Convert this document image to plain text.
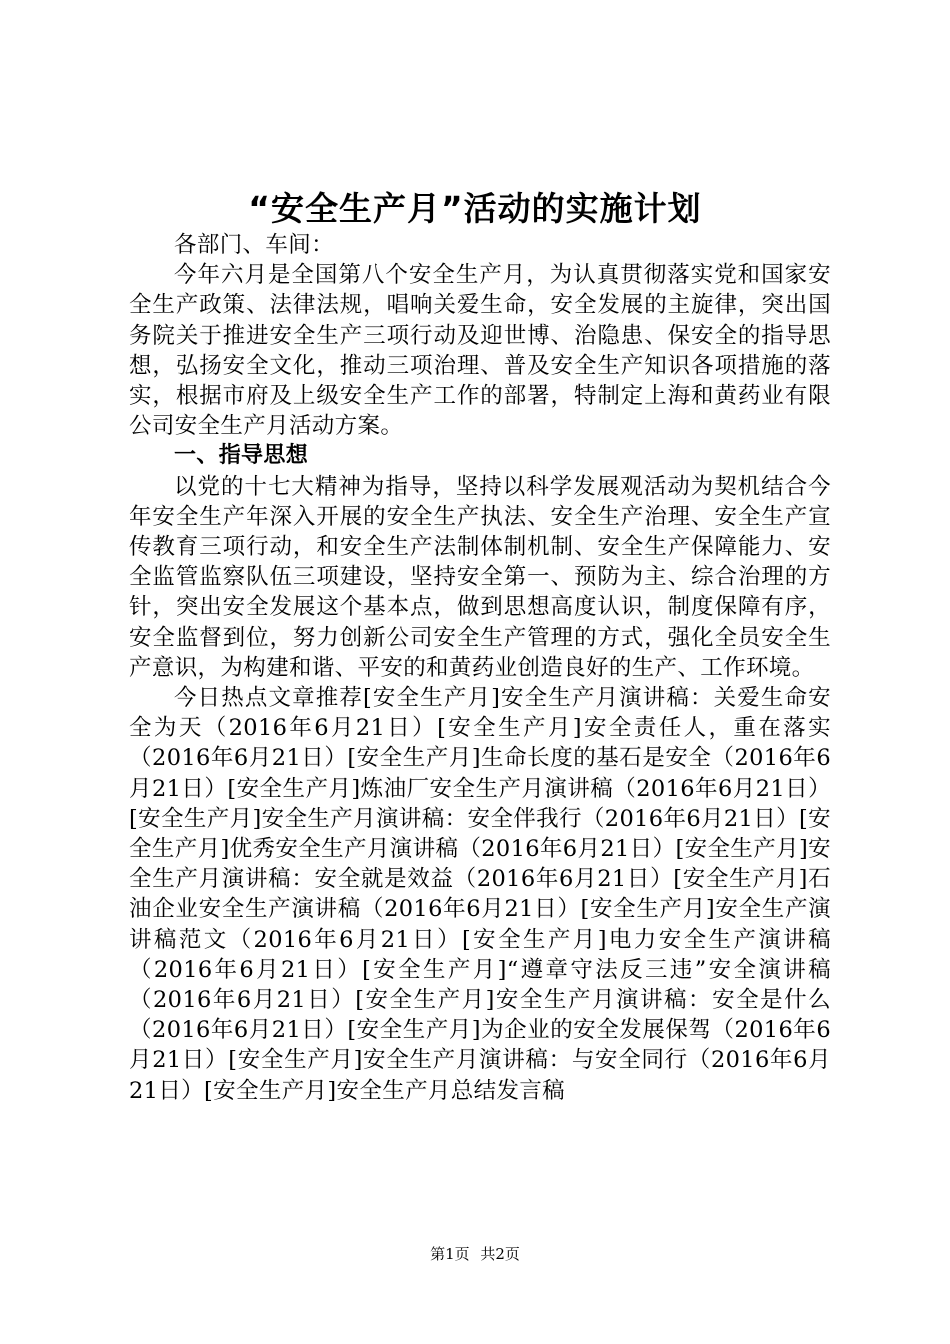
“安全生产月”活动的实施计划

各部门、车间：

今年六月是全国第八个安全生产月，为认真贯彻落实党和国家安全生产政策、法律法规，唱响关爱生命，安全发展的主旋律，突出国务院关于推进安全生产三项行动及迎世博、治隐患、保安全的指导思想，弘扬安全文化，推动三项治理、普及安全生产知识各项措施的落实，根据市府及上级安全生产工作的部署，特制定上海和黄药业有限公司安全生产月活动方案。

一、指导思想

以党的十七大精神为指导，坚持以科学发展观活动为契机结合今年安全生产年深入开展的安全生产执法、安全生产治理、安全生产宣传教育三项行动，和安全生产法制体制机制、安全生产保障能力、安全监管监察队伍三项建设，坚持安全第一、预防为主、综合治理的方针，突出安全发展这个基本点，做到思想高度认识，制度保障有序，安全监督到位，努力创新公司安全生产管理的方式，强化全员安全生产意识，为构建和谐、平安的和黄药业创造良好的生产、工作环境。

今日热点文章推荐[安全生产月]安全生产月演讲稿：关爱生命安全为天（2016年6月21日）[安全生产月]安全责任人，重在落实（2016年6月21日）[安全生产月]生命长度的基石是安全（2016年6月21日）[安全生产月]炼油厂安全生产月演讲稿（2016年6月21日）[安全生产月]安全生产月演讲稿：安全伴我行（2016年6月21日）[安全生产月]优秀安全生产月演讲稿（2016年6月21日）[安全生产月]安全生产月演讲稿：安全就是效益（2016年6月21日）[安全生产月]石油企业安全生产演讲稿（2016年6月21日）[安全生产月]安全生产演讲稿范文（2016年6月21日）[安全生产月]电力安全生产演讲稿（2016年6月21日）[安全生产月]“遵章守法反三违”安全演讲稿（2016年6月21日）[安全生产月]安全生产月演讲稿：安全是什么（2016年6月21日）[安全生产月]为企业的安全发展保驾（2016年6月21日）[安全生产月]安全生产月演讲稿：与安全同行（2016年6月21日）[安全生产月]安全生产月总结发言稿

第1页 共2页
